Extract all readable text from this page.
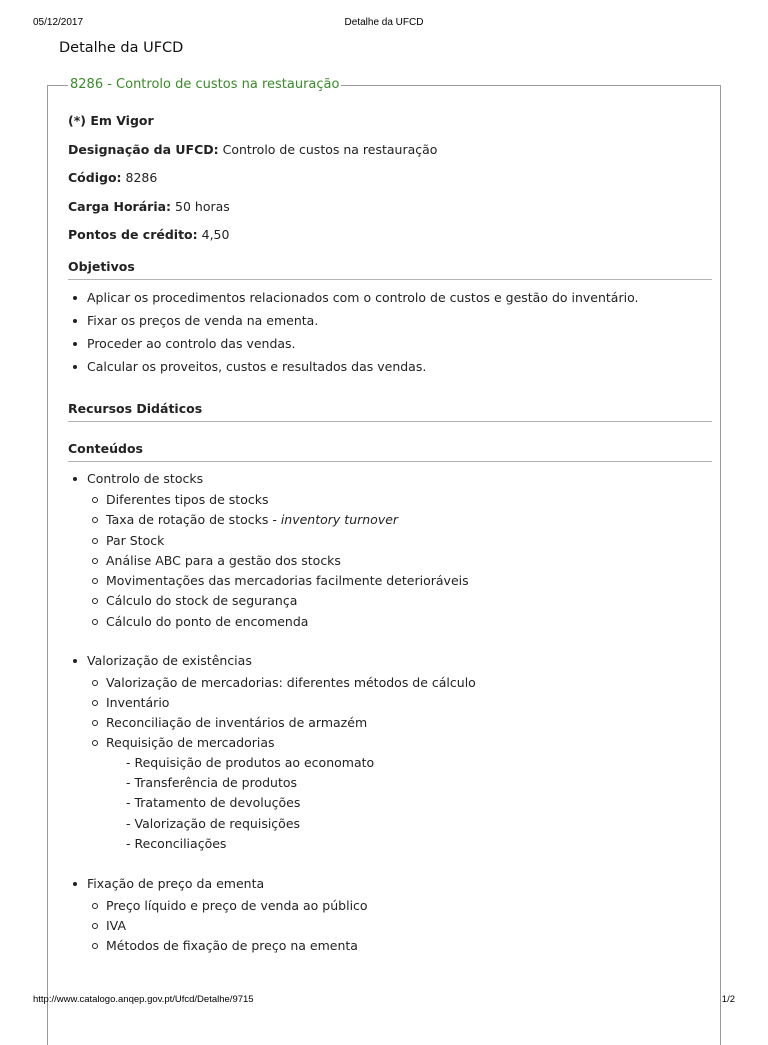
05/12/2017	Detalhe da UFCD
Detalhe da UFCD
8286 - Controlo de custos na restauração

(*) Em Vigor

Designação da UFCD: Controlo de custos na restauração

Código: 8286

Carga Horária: 50 horas

Pontos de crédito: 4,50

Objetivos
Aplicar os procedimentos relacionados com o controlo de custos e gestão do inventário.
Fixar os preços de venda na ementa.
Proceder ao controlo das vendas.
Calcular os proveitos, custos e resultados das vendas.
Recursos Didáticos
Conteúdos
Controlo de stocks
Diferentes tipos de stocks
Taxa de rotação de stocks - inventory turnover
Par Stock
Análise ABC para a gestão dos stocks
Movimentações das mercadorias facilmente deterioráveis
Cálculo do stock de segurança
Cálculo do ponto de encomenda
Valorização de existências
Valorização de mercadorias: diferentes métodos de cálculo
Inventário
Reconciliação de inventários de armazém
Requisição de mercadorias
- Requisição de produtos ao economato
- Transferência de produtos
- Tratamento de devoluções
- Valorização de requisições
- Reconciliações
Fixação de preço da ementa
Preço líquido e preço de venda ao público
IVA
Métodos de fixação de preço na ementa
http://www.catalogo.anqep.gov.pt/Ufcd/Detalhe/9715	1/2
